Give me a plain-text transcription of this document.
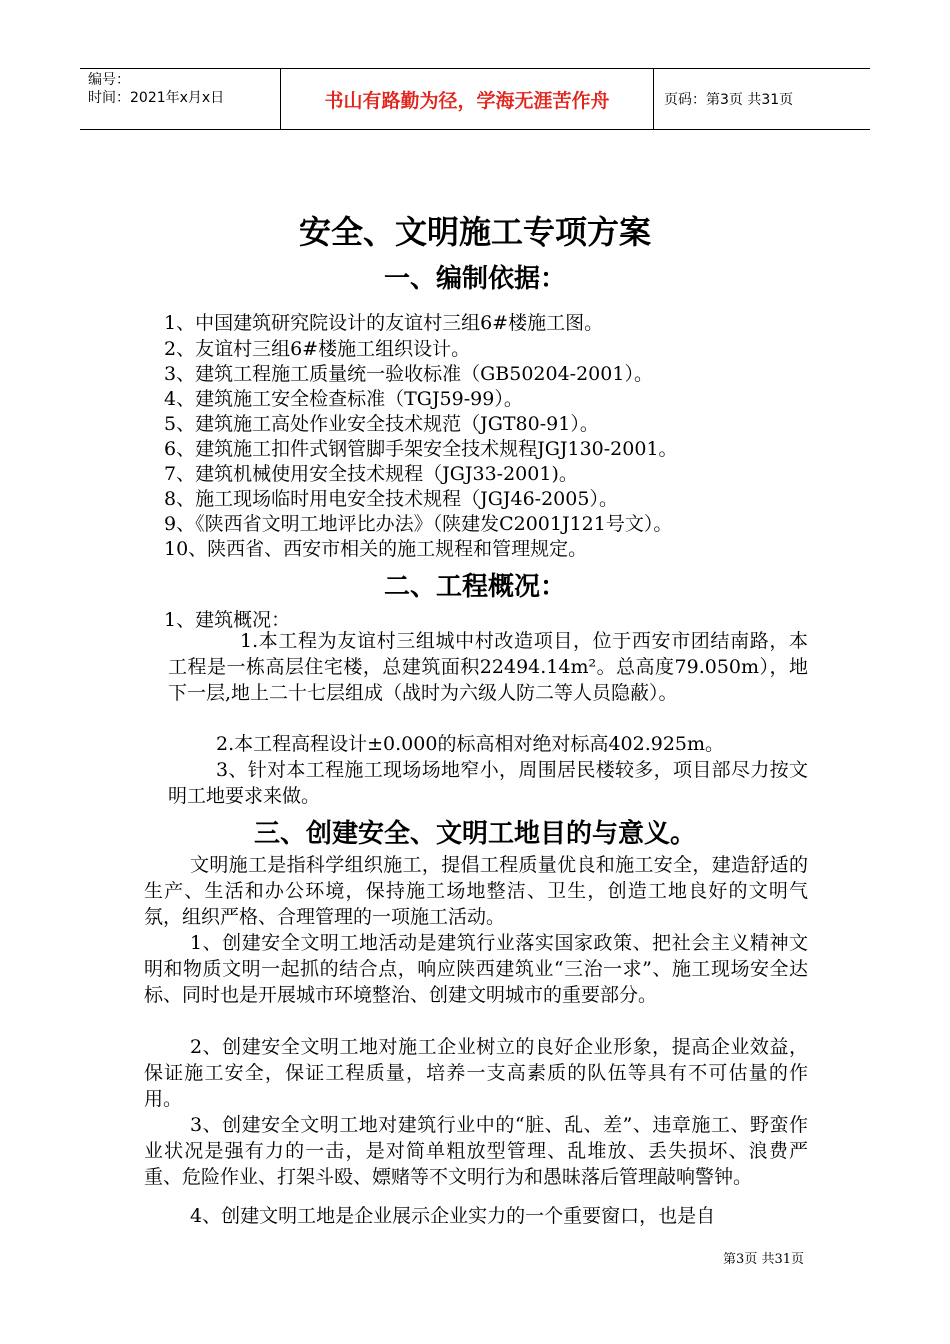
编号：
时间：2021年x月x日	书山有路勤为径，学海无涯苦作舟	页码：第3页 共31页
安全、文明施工专项方案
一、编制依据：
1、中国建筑研究院设计的友谊村三组6#楼施工图。
2、友谊村三组6#楼施工组织设计。
3、建筑工程施工质量统一验收标准（GB50204-2001）。
4、建筑施工安全检查标准（TGJ59-99）。
5、建筑施工高处作业安全技术规范（JGT80-91）。
6、建筑施工扣件式钢管脚手架安全技术规程JGJ130-2001。
7、建筑机械使用安全技术规程（JGJ33-2001)。
8、施工现场临时用电安全技术规程（JGJ46-2005）。
9、《陕西省文明工地评比办法》（陕建发C2001J121号文）。
10、陕西省、西安市相关的施工规程和管理规定。
二、工程概况：
1、建筑概况：
1.本工程为友谊村三组城中村改造项目，位于西安市团结南路，本工程是一栋高层住宅楼，总建筑面积22494.14m²。总高度79.050m），地下一层,地上二十七层组成（战时为六级人防二等人员隐蔽）。
2.本工程高程设计±0.000的标高相对绝对标高402.925m。
3、针对本工程施工现场场地窄小，周围居民楼较多，项目部尽力按文明工地要求来做。
三、创建安全、文明工地目的与意义。
文明施工是指科学组织施工，提倡工程质量优良和施工安全，建造舒适的生产、生活和办公环境，保持施工场地整洁、卫生，创造工地良好的文明气氛，组织严格、合理管理的一项施工活动。
1、创建安全文明工地活动是建筑行业落实国家政策、把社会主义精神文明和物质文明一起抓的结合点，响应陕西建筑业“三治一求”、施工现场安全达标、同时也是开展城市环境整治、创建文明城市的重要部分。
2、创建安全文明工地对施工企业树立的良好企业形象，提高企业效益，保证施工安全，保证工程质量，培养一支高素质的队伍等具有不可估量的作用。
3、创建安全文明工地对建筑行业中的“脏、乱、差”、违章施工、野蛮作业状况是强有力的一击，是对简单粗放型管理、乱堆放、丢失损坏、浪费严重、危险作业、打架斗殴、嫖赌等不文明行为和愚昧落后管理敲响警钟。
4、创建文明工地是企业展示企业实力的一个重要窗口，也是自
第3页 共31页
